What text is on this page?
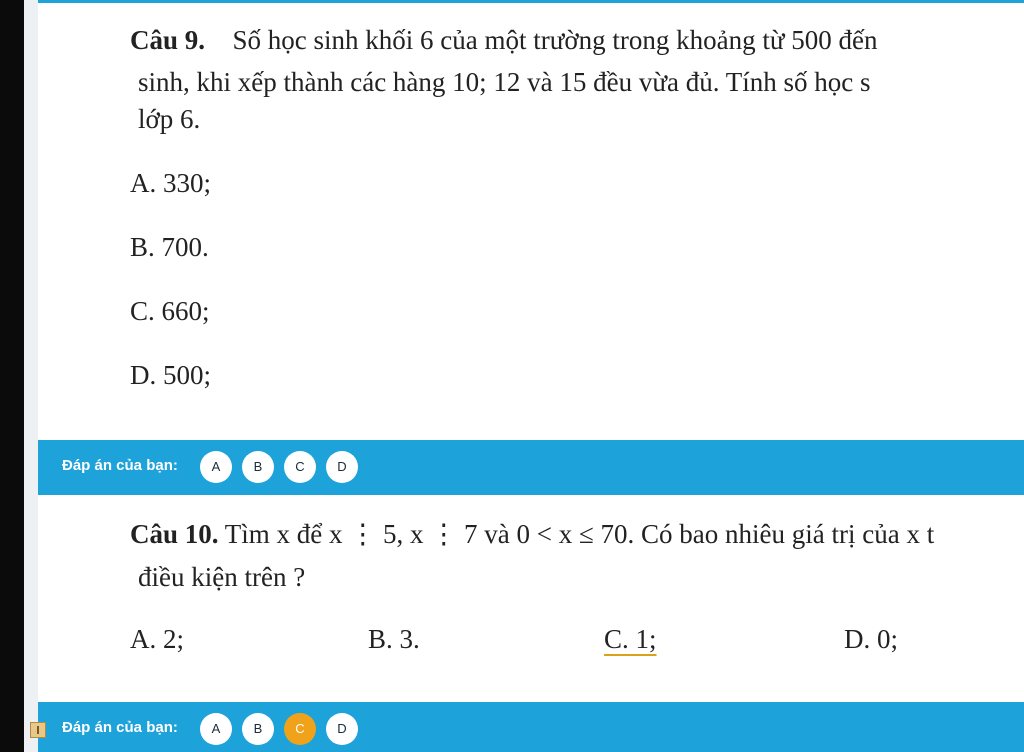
Câu 9. Số học sinh khối 6 của một trường trong khoảng từ 500 đến
sinh, khi xếp thành các hàng 10; 12 và 15 đều vừa đủ. Tính số học s
lớp 6.
A. 330;
B. 700.
C. 660;
D. 500;
Đáp án của bạn:	A	B	C	D
Câu 10. Tìm x để x ⋮ 5, x ⋮ 7 và 0 < x ≤ 70. Có bao nhiêu giá trị của x t
điều kiện trên ?
A. 2;	B. 3.	C. 1;	D. 0;
Đáp án của bạn:	A	B	C	D
